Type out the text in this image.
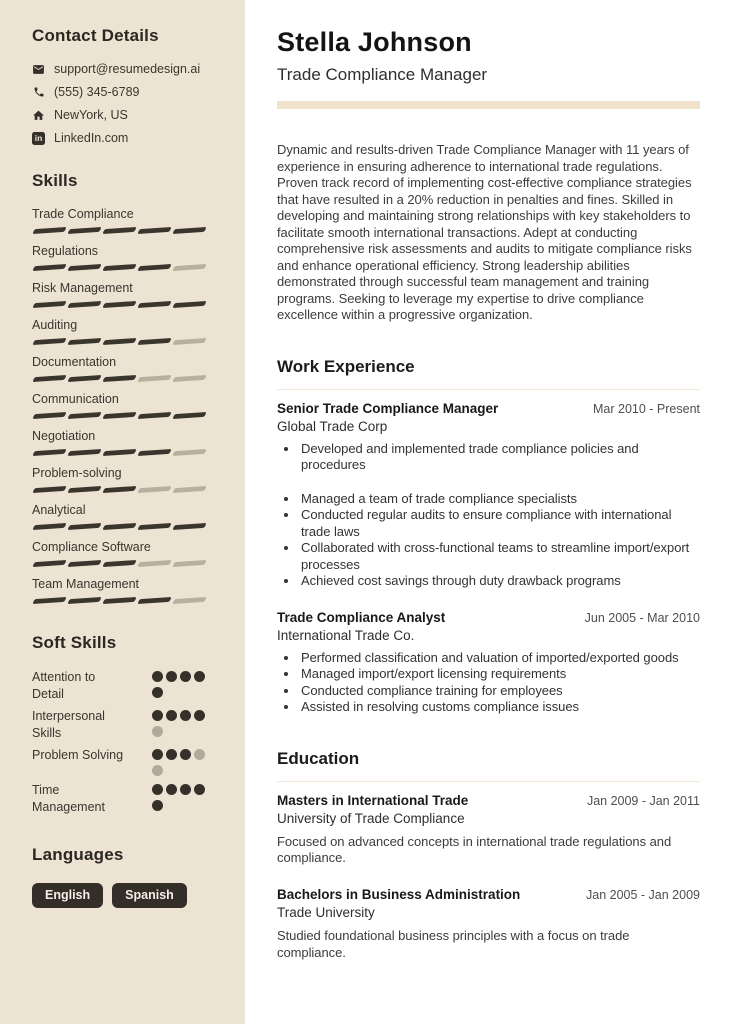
Contact Details
support@resumedesign.ai
(555) 345-6789
NewYork, US
in LinkedIn.com
Skills
Trade Compliance
Regulations
Risk Management
Auditing
Documentation
Communication
Negotiation
Problem-solving
Analytical
Compliance Software
Team Management
Soft Skills
Attention to Detail
Interpersonal Skills
Problem Solving
Time Management
Languages
English	Spanish
Stella Johnson
Trade Compliance Manager

Dynamic and results-driven Trade Compliance Manager with 11 years of experience in ensuring adherence to international trade regulations. Proven track record of implementing cost-effective compliance strategies that have resulted in a 20% reduction in penalties and fines. Skilled in developing and maintaining strong relationships with key stakeholders to facilitate smooth international transactions. Adept at conducting comprehensive risk assessments and audits to mitigate compliance risks and enhance operational efficiency. Strong leadership abilities demonstrated through successful team management and training programs. Seeking to leverage my expertise to drive compliance excellence within a progressive organization.

Work Experience
Senior Trade Compliance Manager	Mar 2010 - Present
Global Trade Corp
• Developed and implemented trade compliance policies and procedures
• Managed a team of trade compliance specialists
• Conducted regular audits to ensure compliance with international trade laws
• Collaborated with cross-functional teams to streamline import/export processes
• Achieved cost savings through duty drawback programs
Trade Compliance Analyst	Jun 2005 - Mar 2010
International Trade Co.
• Performed classification and valuation of imported/exported goods
• Managed import/export licensing requirements
• Conducted compliance training for employees
• Assisted in resolving customs compliance issues
Education
Masters in International Trade	Jan 2009 - Jan 2011
University of Trade Compliance
Focused on advanced concepts in international trade regulations and compliance.
Bachelors in Business Administration	Jan 2005 - Jan 2009
Trade University
Studied foundational business principles with a focus on trade compliance.
